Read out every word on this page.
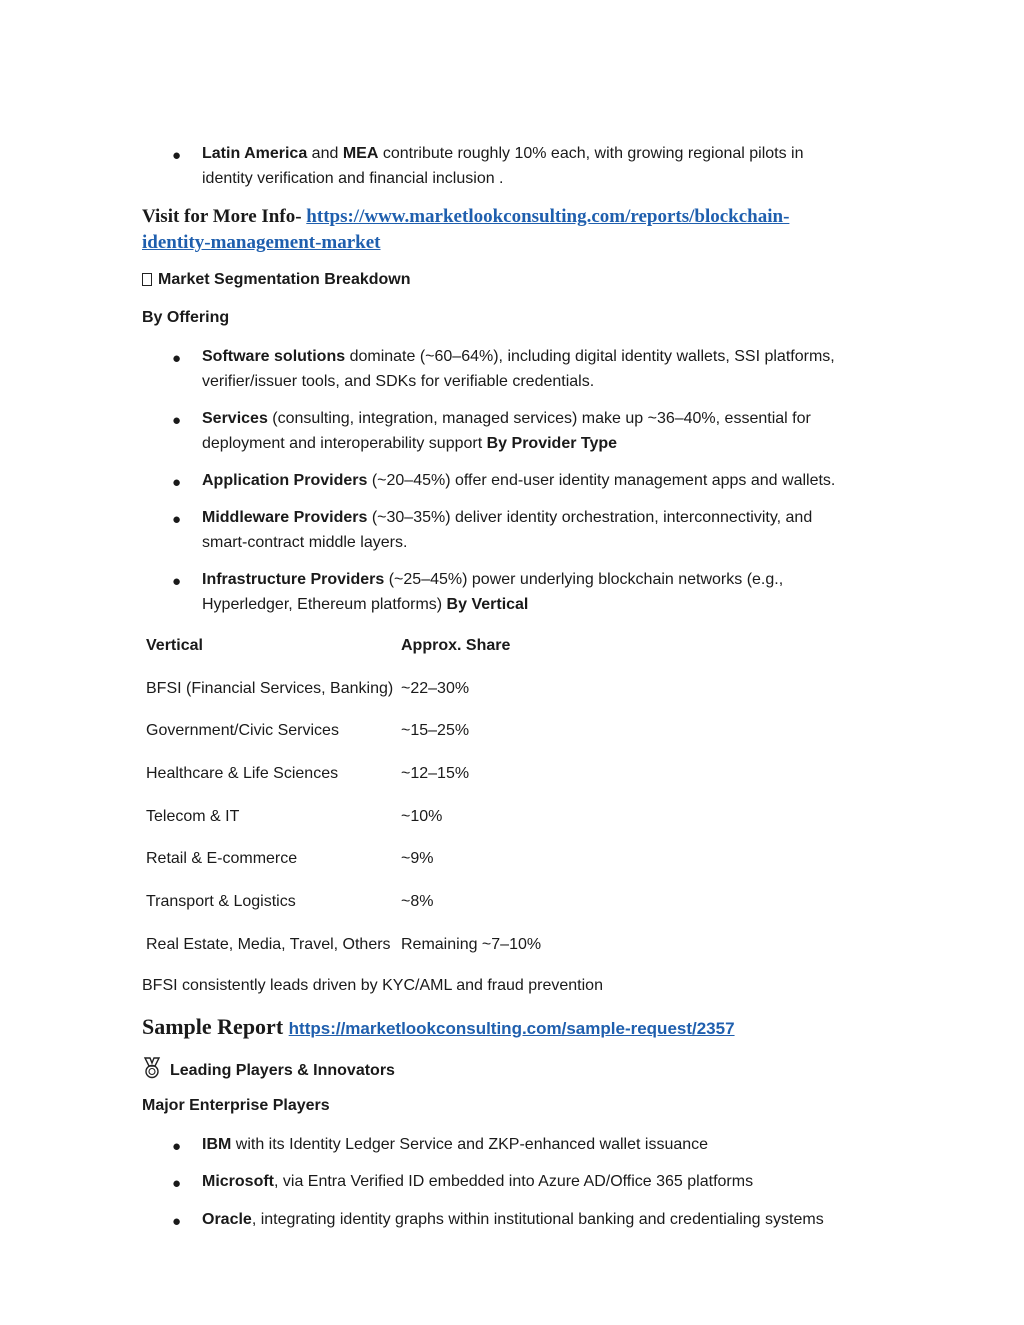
● Latin America and MEA contribute roughly 10% each, with growing regional pilots in
identity verification and financial inclusion .
Visit for More Info- https://www.marketlookconsulting.com/reports/blockchain-
identity-management-market
Market Segmentation Breakdown
By Offering
● Software solutions dominate (~60–64%), including digital identity wallets, SSI platforms,
verifier/issuer tools, and SDKs for verifiable credentials.
● Services (consulting, integration, managed services) make up ~36–40%, essential for
deployment and interoperability support By Provider Type
● Application Providers (~20–45%) offer end-user identity management apps and wallets.
● Middleware Providers (~30–35%) deliver identity orchestration, interconnectivity, and
smart-contract middle layers.
● Infrastructure Providers (~25–45%) power underlying blockchain networks (e.g.,
Hyperledger, Ethereum platforms) By Vertical
Vertical	Approx. Share
BFSI (Financial Services, Banking) ~22–30%
Government/Civic Services	~15–25%
Healthcare & Life Sciences	~12–15%
Telecom & IT	~10%
Retail & E-commerce	~9%
Transport & Logistics	~8%
Real Estate, Media, Travel, Others Remaining ~7–10%
BFSI consistently leads driven by KYC/AML and fraud prevention
Sample Report https://marketlookconsulting.com/sample-request/2357
Leading Players & Innovators
Major Enterprise Players
● IBM with its Identity Ledger Service and ZKP-enhanced wallet issuance
● Microsoft, via Entra Verified ID embedded into Azure AD/Office 365 platforms
● Oracle, integrating identity graphs within institutional banking and credentialing systems
